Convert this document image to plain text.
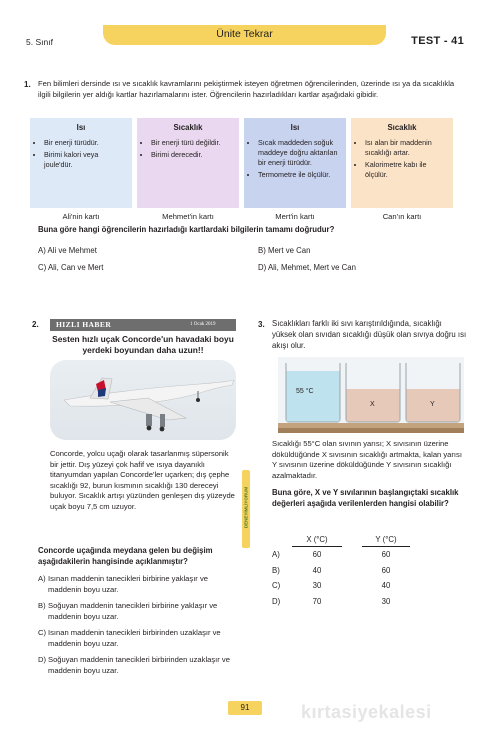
5. Sınıf
Ünite Tekrar
TEST - 41
1. Fen bilimleri dersinde ısı ve sıcaklık kavramlarını pekiştirmek isteyen öğretmen öğrencilerinden, üzerinde ısı ya da sıcaklıkla ilgili bilgilerin yer aldığı kartlar hazırlamalarını ister. Öğrencilerin hazırladıkları kartlar aşağıdaki gibidir.
Isı
• Bir enerji türüdür.
• Birimi kalori veya joule'dür.
Sıcaklık
• Bir enerji türü değildir.
• Birimi derecedir.
Isı
• Sıcak maddeden soğuk maddeye doğru aktarılan bir enerji türüdür.
• Termometre ile ölçülür.
Sıcaklık
• Isı alan bir maddenin sıcaklığı artar.
• Kalorimetre kabı ile ölçülür.
Ali'nin kartı	Mehmet'in kartı	Mert'in kartı	Can'ın kartı
Buna göre hangi öğrencilerin hazırladığı kartlardaki bilgilerin tamamı doğrudur?
A) Ali ve Mehmet	B) Mert ve Can
C) Ali, Can ve Mert	D) Ali, Mehmet, Mert ve Can
2. HIZLI HABER	1 Ocak 2019
Sesten hızlı uçak Concorde'un havadaki boyu yerdeki boyundan daha uzun!!
Concorde, yolcu uçağı olarak tasarlanmış süpersonik bir jettir. Dış yüzeyi çok hafif ve ısıya dayanıklı titanyumdan yapılan Concorde'ler uçarken; dış çephe sıcaklığı 92, burun kısmının sıcaklığı 130 dereceyi buluyor. Sıcaklık artışı yüzünden genleşen dış yüzeyde uçak boyu 7,5 cm uzuyor.
Concorde uçağında meydana gelen bu değişim aşağıdakilerin hangisinde açıklanmıştır?
A) Isınan maddenin tanecikleri birbirine yaklaşır ve maddenin boyu uzar.
B) Soğuyan maddenin tanecikleri birbirine yaklaşır ve maddenin boyu uzar.
C) Isınan maddenin tanecikleri birbirinden uzaklaşır ve maddenin boyu uzar.
D) Soğuyan maddenin tanecikleri birbirinden uzaklaşır ve maddenin boyu uzar.
DENEYİMLİYORUM
3. Sıcaklıkları farklı iki sıvı karıştırıldığında, sıcaklığı yüksek olan sıvıdan sıcaklığı düşük olan sıvıya doğru ısı akışı olur.
55 °C
X	Y
Sıcaklığı 55°C olan sıvının yarısı; X sıvısının üzerine döküldüğünde X sıvısının sıcaklığı artmakta, kalan yarısı Y sıvısının üzerine döküldüğünde Y sıvısının sıcaklığı azalmaktadır.
Buna göre, X ve Y sıvılarının başlangıçtaki sıcaklık değerleri aşağıda verilenlerden hangisi olabilir?
	X (°C)		Y (°C)
A)	60		60
B)	40		60
C)	30		40
D)	70		30
91	kırtasiyekalesi
